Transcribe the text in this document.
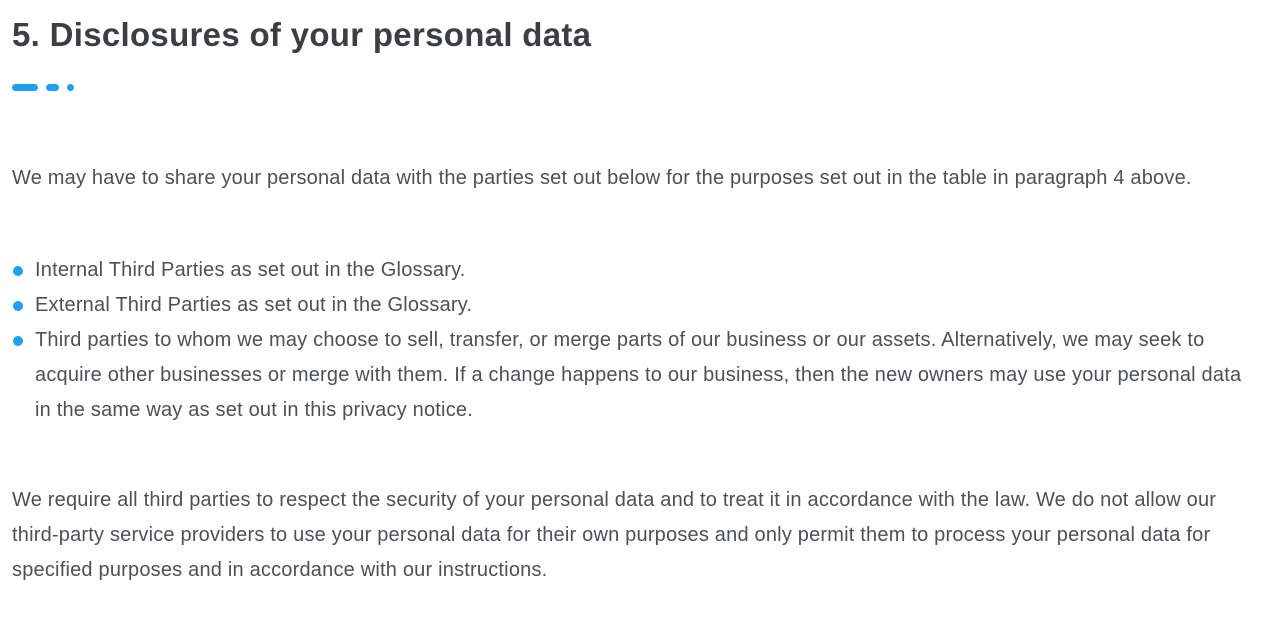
5. Disclosures of your personal data

We may have to share your personal data with the parties set out below for the purposes set out in the table in paragraph 4 above.

Internal Third Parties as set out in the Glossary.
External Third Parties as set out in the Glossary.
Third parties to whom we may choose to sell, transfer, or merge parts of our business or our assets. Alternatively, we may seek to acquire other businesses or merge with them. If a change happens to our business, then the new owners may use your personal data in the same way as set out in this privacy notice.

We require all third parties to respect the security of your personal data and to treat it in accordance with the law. We do not allow our third-party service providers to use your personal data for their own purposes and only permit them to process your personal data for specified purposes and in accordance with our instructions.
